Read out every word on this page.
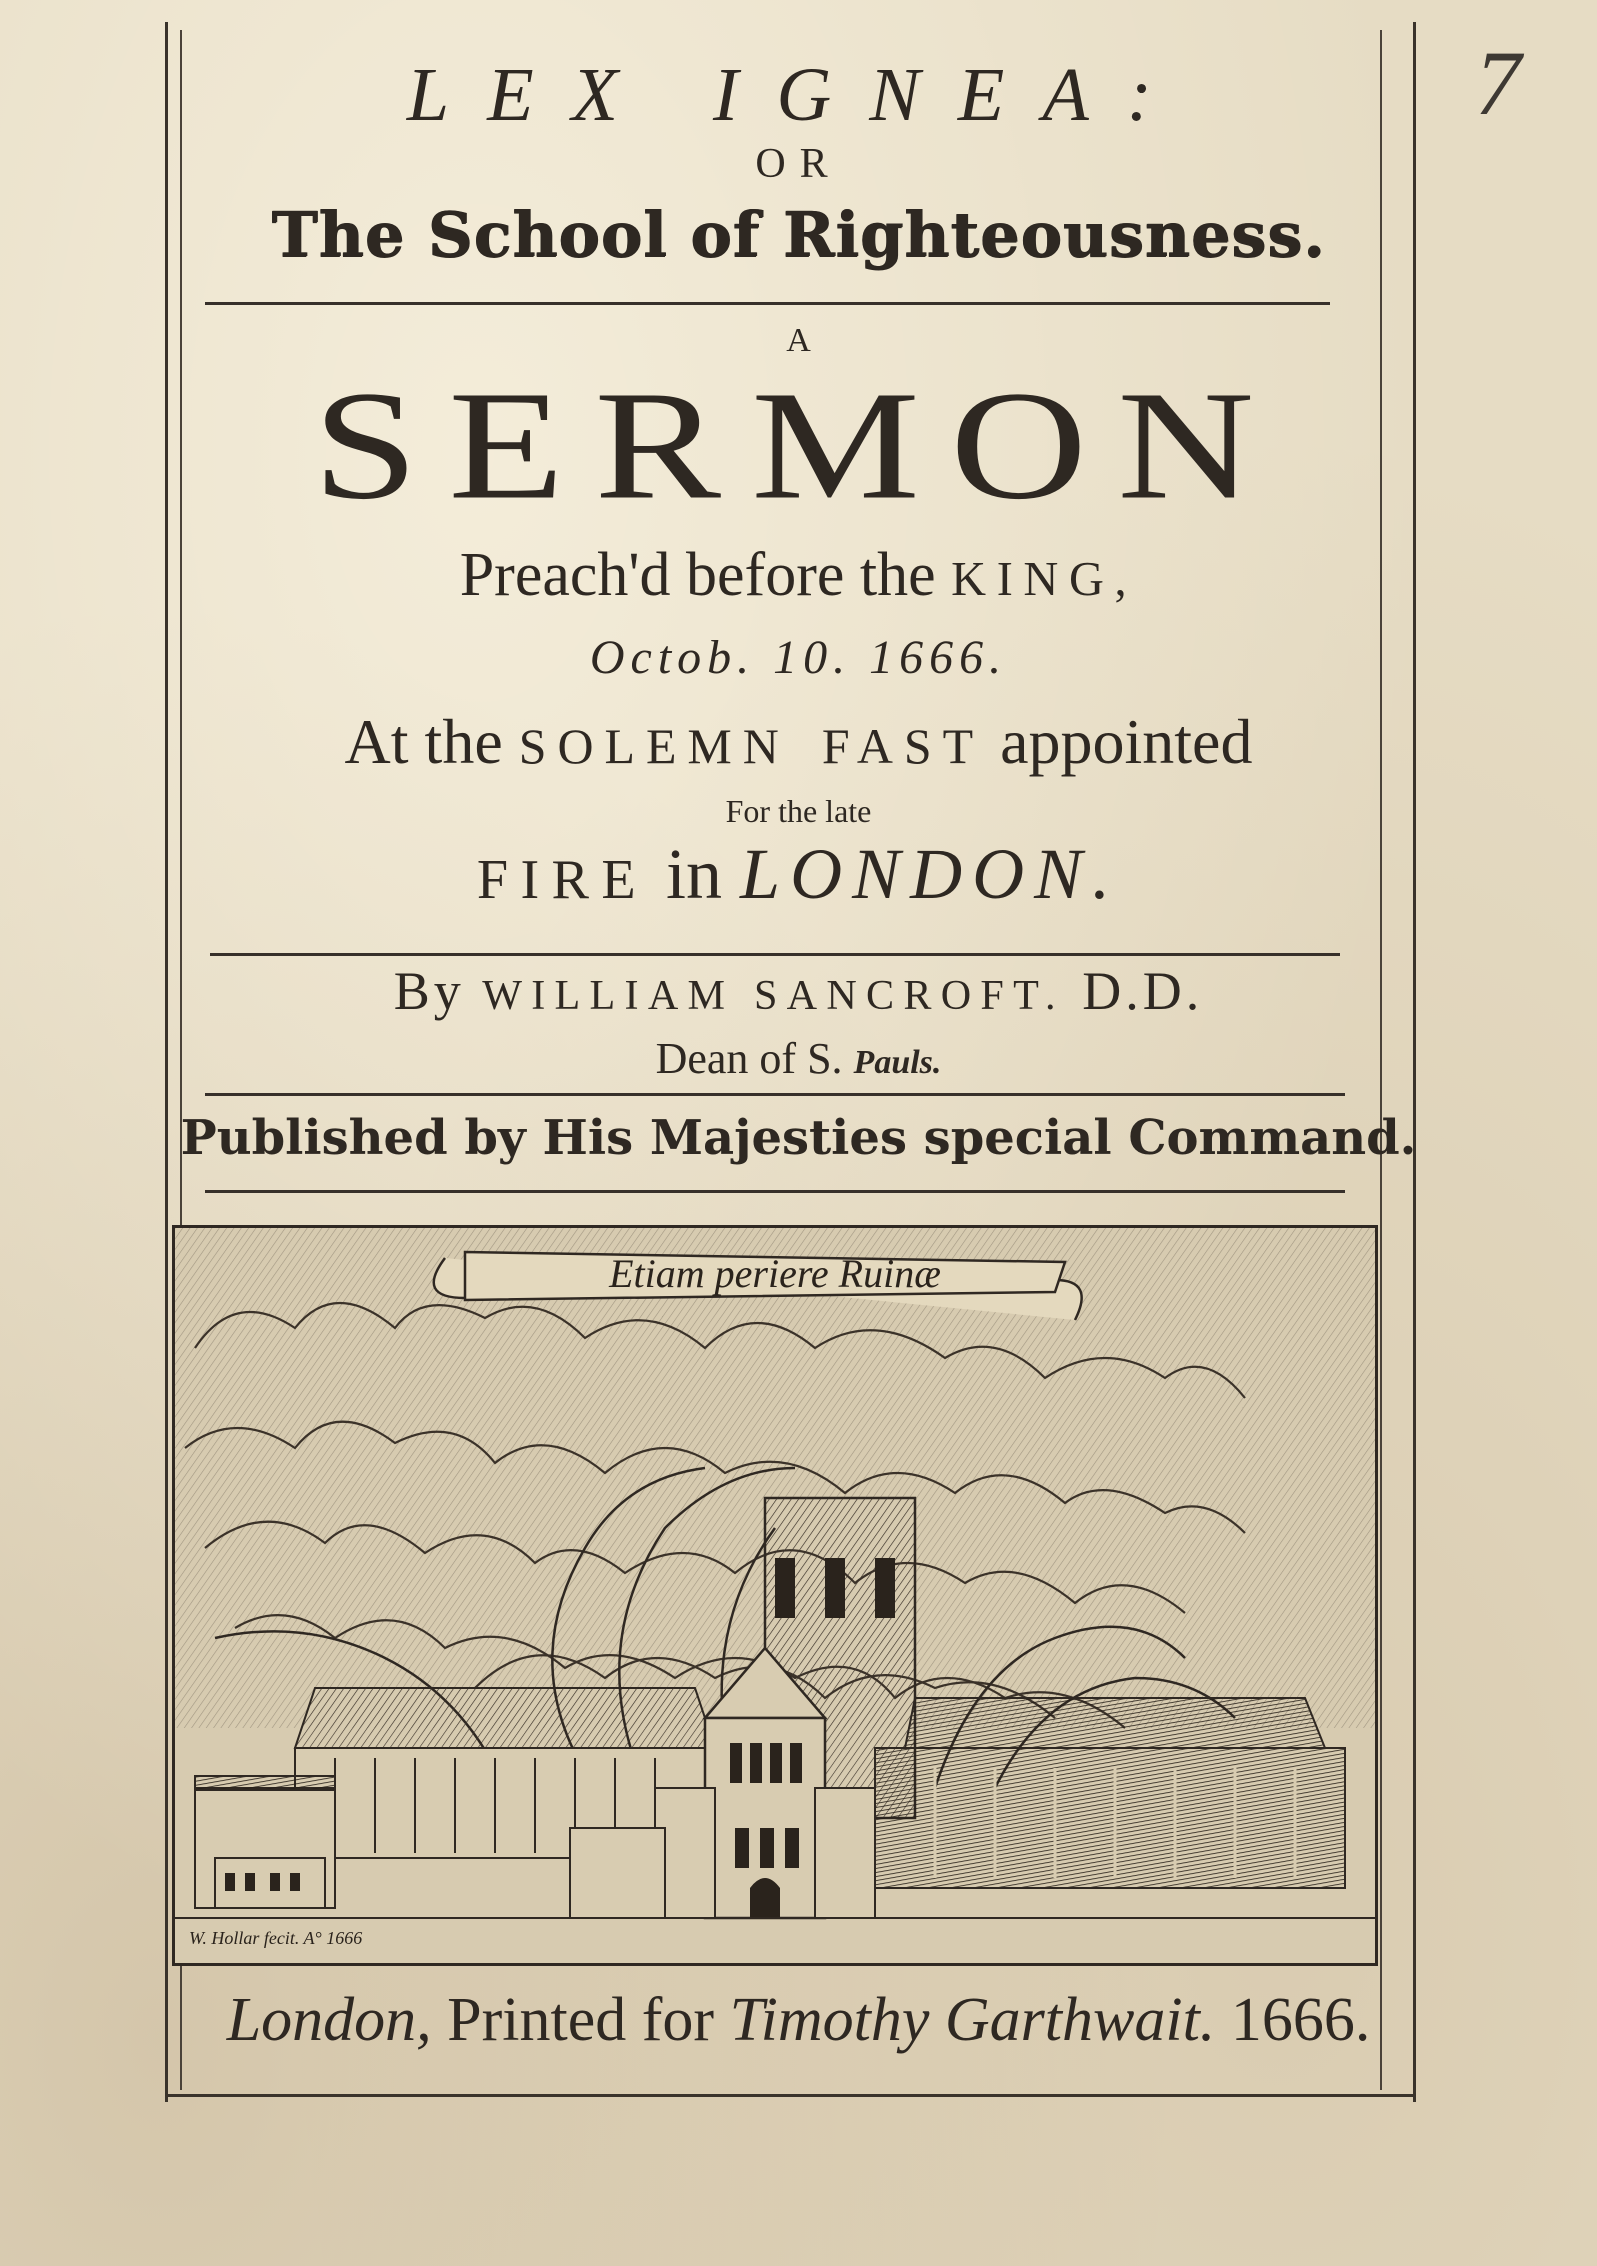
7
LEX IGNEA:
OR
The School of Righteousness.
A
SERMON
Preach'd before the KING,
Octob. 10. 1666.
At the SOLEMN FAST appointed
For the late
FIRE in LONDON.
By WILLIAM SANCROFT. D.D.
Dean of S. Pauls.
Published by His Majesties special Command.
Etiam periere Ruinæ
W. Hollar fecit. A° 1666
London, Printed for Timothy Garthwait. 1666.
